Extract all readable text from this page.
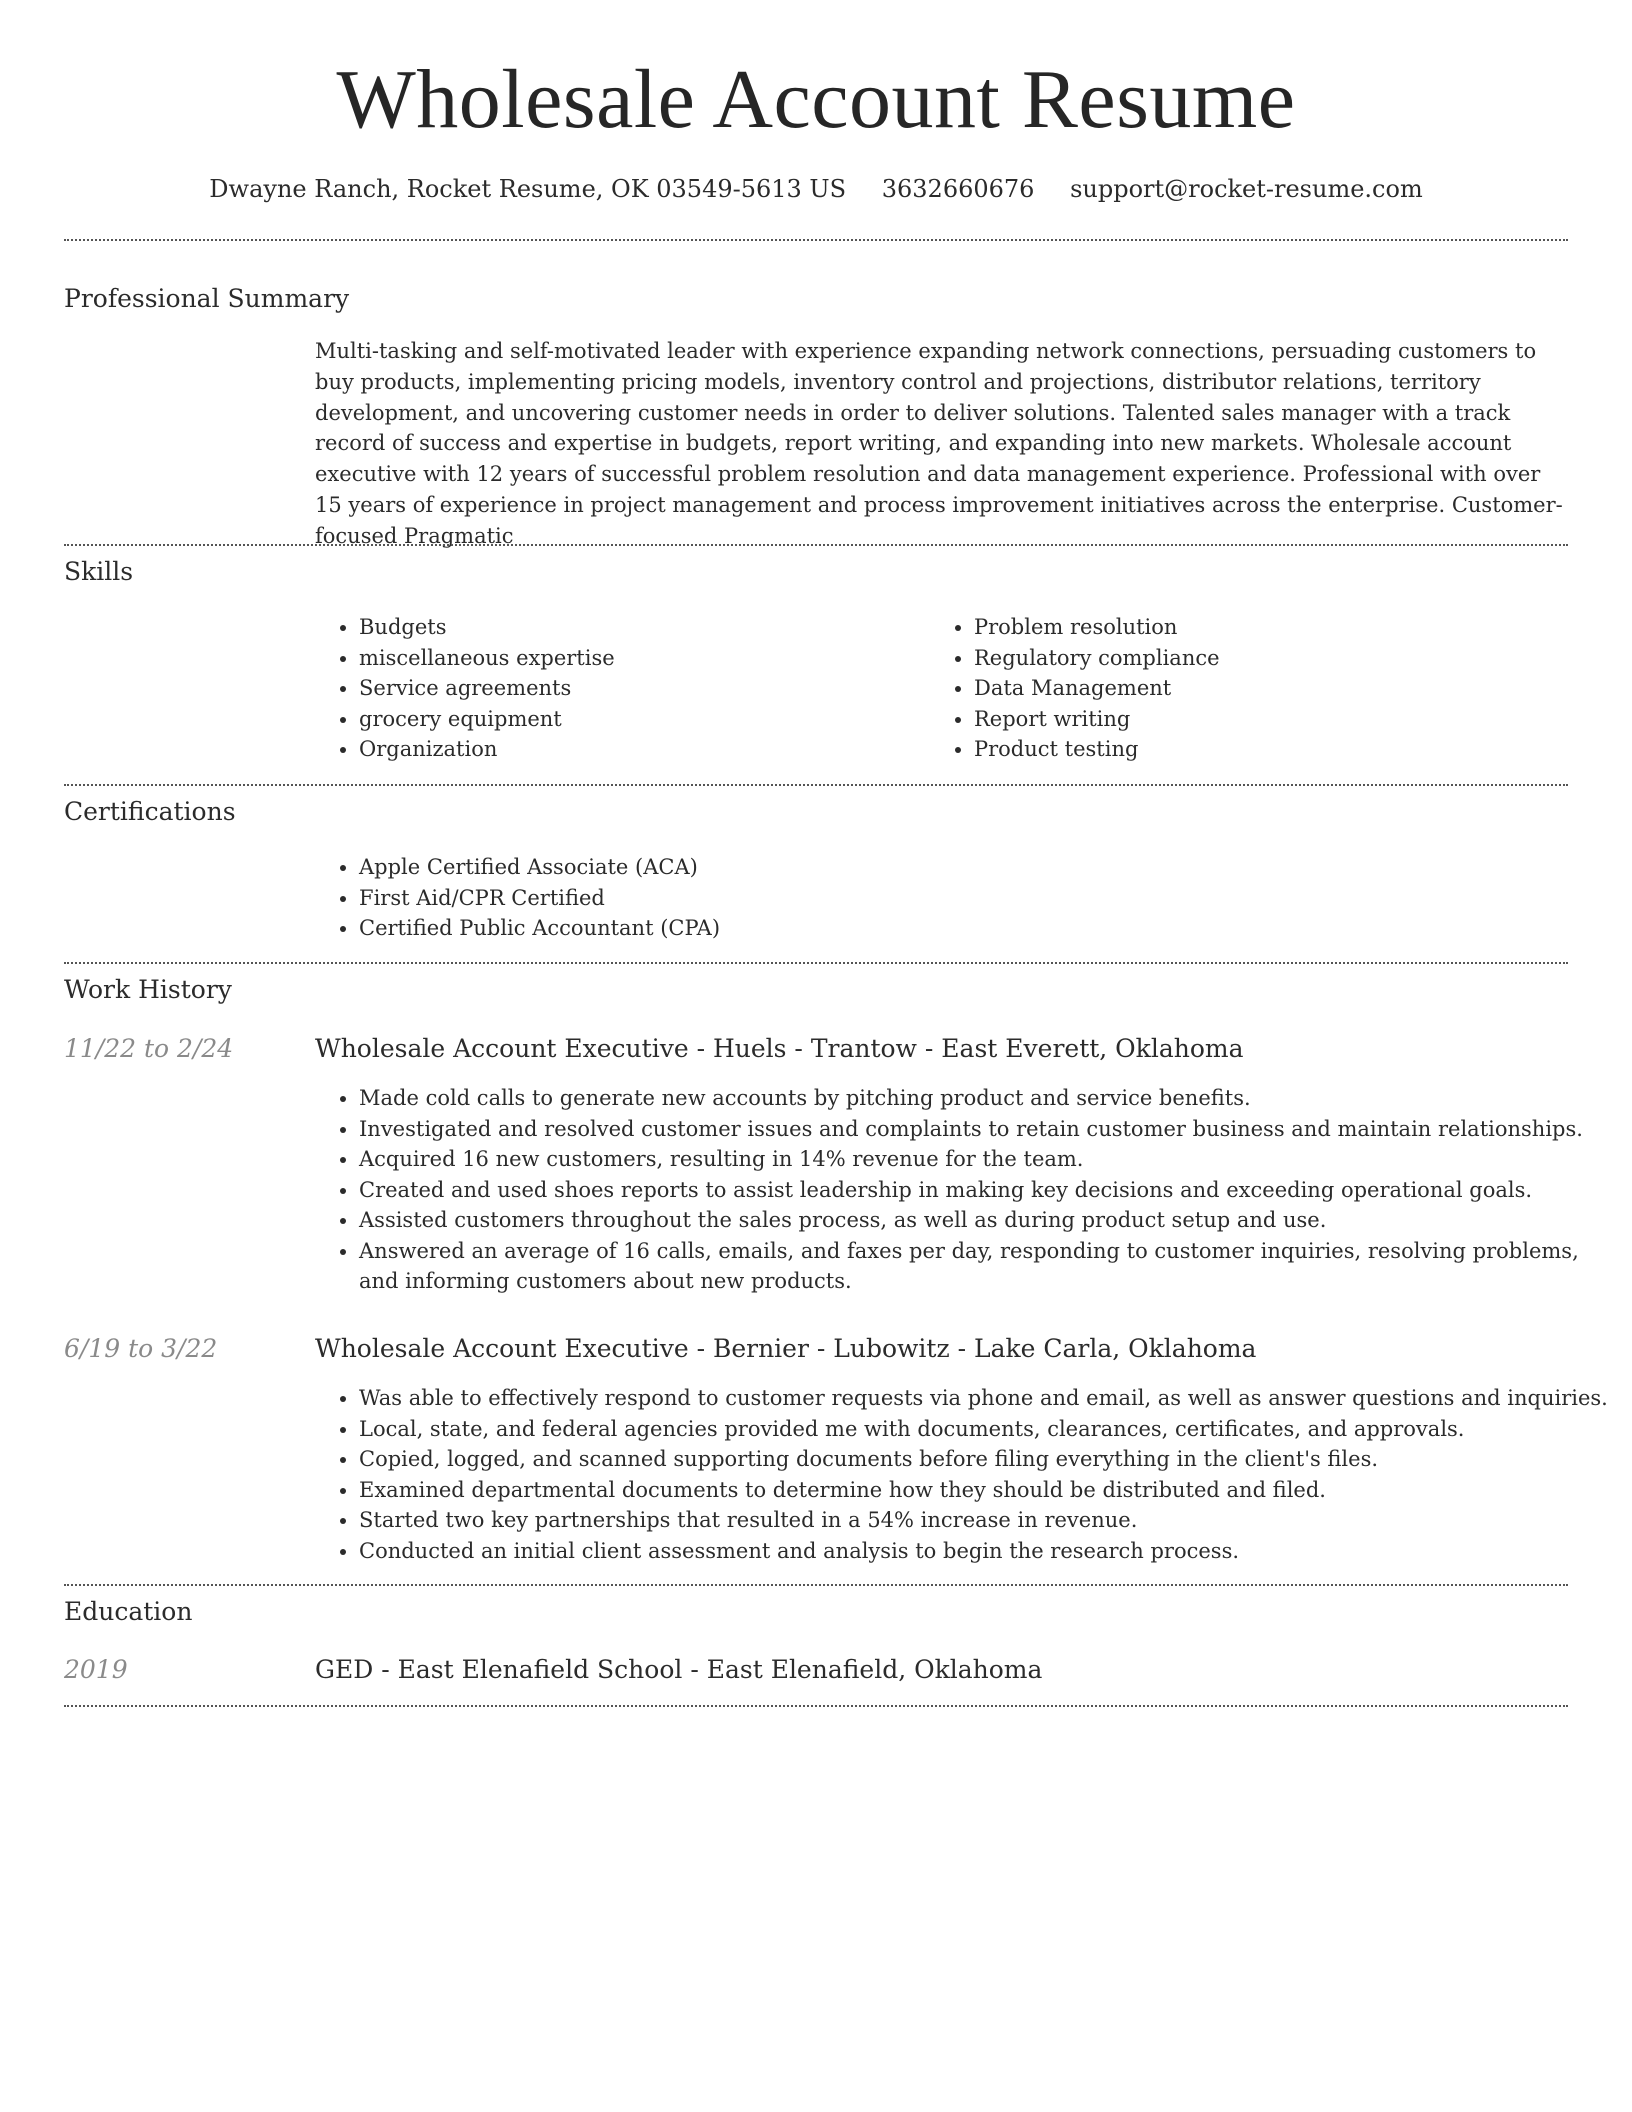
Wholesale Account Resume
Dwayne Ranch, Rocket Resume, OK 03549-5613 US 3632660676 support@rocket-resume.com
Professional Summary

Multi-tasking and self-motivated leader with experience expanding network connections, persuading customers to buy products, implementing pricing models, inventory control and projections, distributor relations, territory development, and uncovering customer needs in order to deliver solutions. Talented sales manager with a track record of success and expertise in budgets, report writing, and expanding into new markets. Wholesale account executive with 12 years of successful problem resolution and data management experience. Professional with over 15 years of experience in project management and process improvement initiatives across the enterprise. Customer-focused Pragmatic

Skills
• Budgets
• miscellaneous expertise
• Service agreements
• grocery equipment
• Organization
• Problem resolution
• Regulatory compliance
• Data Management
• Report writing
• Product testing
Certifications
• Apple Certified Associate (ACA)
• First Aid/CPR Certified
• Certified Public Accountant (CPA)
Work History
11/22 to 2/24	Wholesale Account Executive - Huels - Trantow - East Everett, Oklahoma
• Made cold calls to generate new accounts by pitching product and service benefits.
• Investigated and resolved customer issues and complaints to retain customer business and maintain relationships.
• Acquired 16 new customers, resulting in 14% revenue for the team.
• Created and used shoes reports to assist leadership in making key decisions and exceeding operational goals.
• Assisted customers throughout the sales process, as well as during product setup and use.
• Answered an average of 16 calls, emails, and faxes per day, responding to customer inquiries, resolving problems, and informing customers about new products.
6/19 to 3/22	Wholesale Account Executive - Bernier - Lubowitz - Lake Carla, Oklahoma
• Was able to effectively respond to customer requests via phone and email, as well as answer questions and inquiries.
• Local, state, and federal agencies provided me with documents, clearances, certificates, and approvals.
• Copied, logged, and scanned supporting documents before filing everything in the client's files.
• Examined departmental documents to determine how they should be distributed and filed.
• Started two key partnerships that resulted in a 54% increase in revenue.
• Conducted an initial client assessment and analysis to begin the research process.
Education
2019	GED - East Elenafield School - East Elenafield, Oklahoma
